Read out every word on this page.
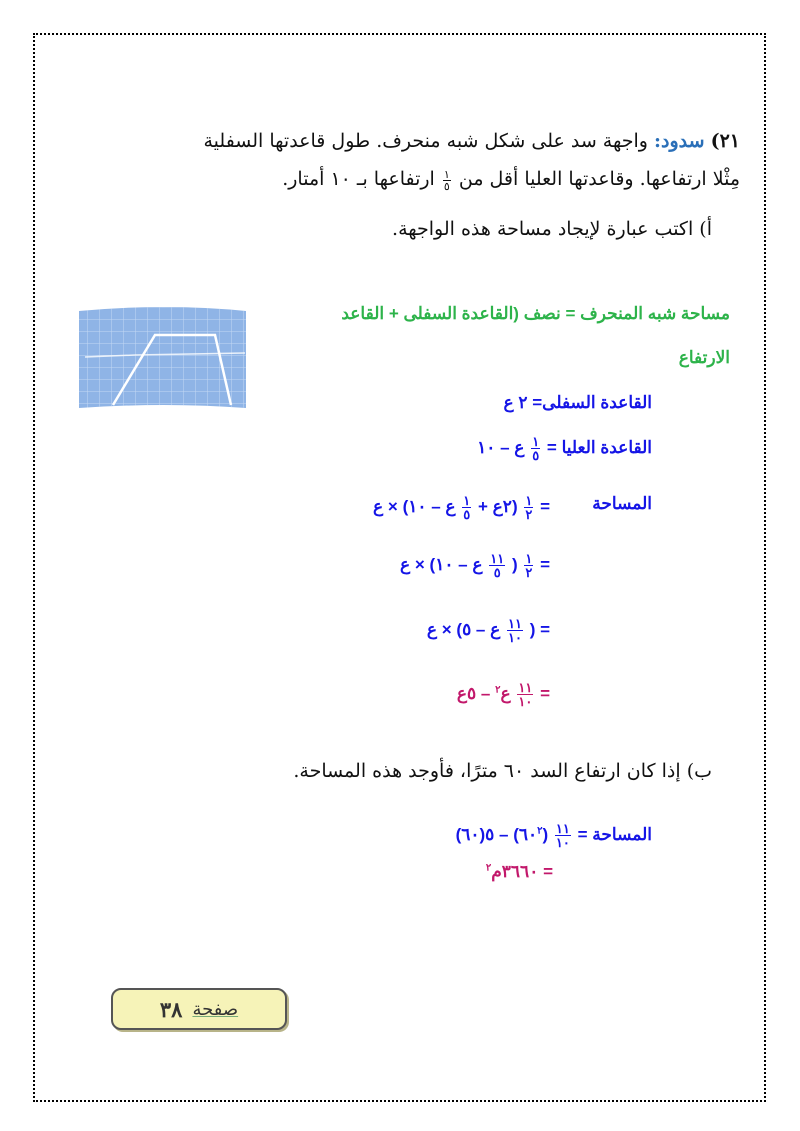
٢١) سدود: واجهة سد على شكل شبه منحرف. طول قاعدتها السفلية
مِثْلا ارتفاعها. وقاعدتها العليا أقل من
$\frac{١}{٥}$
ارتفاعها بـ ١٠ أمتار.
أ) اكتب عبارة لإيجاد مساحة هذه الواجهة.
مساحة شبه المنحرف = نصف (القاعدة السفلى + القاعد
الارتفاع
القاعدة السفلى= ٢ ع
القاعدة العليا =
$\frac{١}{٥}$
ع – ١٠
المساحة
=
$\frac{١}{٢}$
(٢ع +
$\frac{١}{٥}$
ع – ١٠) × ع
=
$\frac{١}{٢}$
(
$\frac{١١}{٥}$
ع – ١٠) × ع
= (
$\frac{١١}{١٠}$
ع – ٥) × ع
=
$\frac{١١}{١٠}$
ع$^٢$ – ٥ع
ب) إذا كان ارتفاع السد ٦٠ مترًا، فأوجد هذه المساحة.
المساحة =
$\frac{١١}{١٠}$
$(٦٠^٢)$ – ٥(٦٠)
= ٣٦٦٠م$^٢$
صفحة
٣٨
